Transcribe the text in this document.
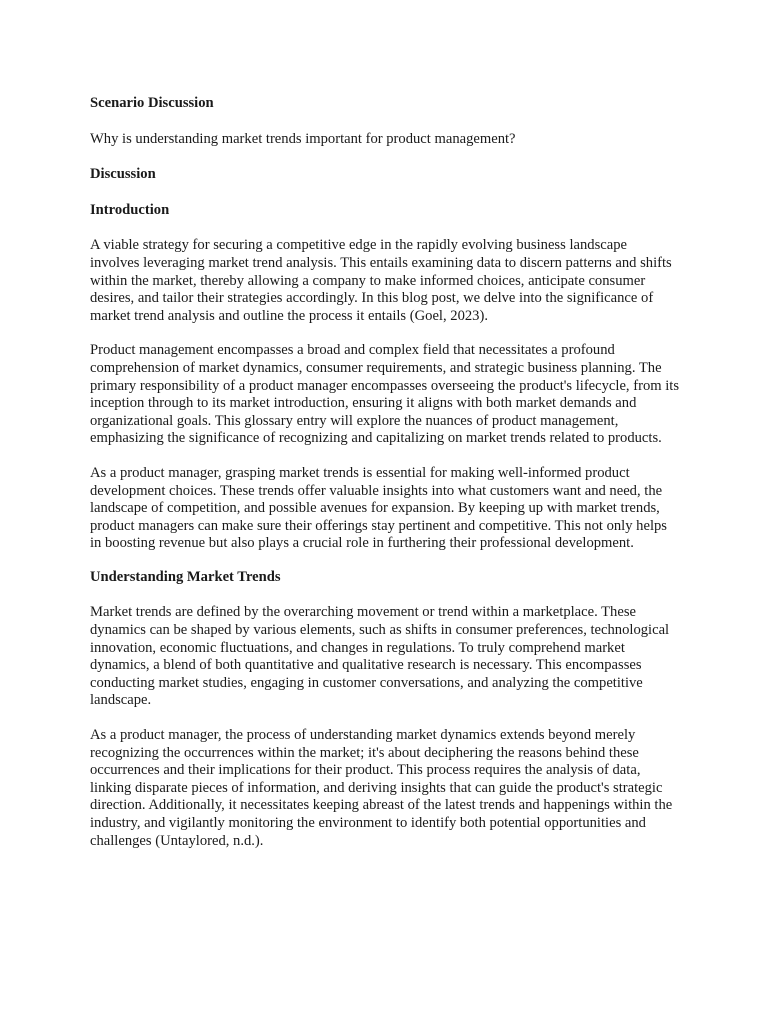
Scenario Discussion

Why is understanding market trends important for product management?

Discussion

Introduction

A viable strategy for securing a competitive edge in the rapidly evolving business landscape involves leveraging market trend analysis. This entails examining data to discern patterns and shifts within the market, thereby allowing a company to make informed choices, anticipate consumer desires, and tailor their strategies accordingly. In this blog post, we delve into the significance of market trend analysis and outline the process it entails (Goel, 2023).

Product management encompasses a broad and complex field that necessitates a profound comprehension of market dynamics, consumer requirements, and strategic business planning. The primary responsibility of a product manager encompasses overseeing the product's lifecycle, from its inception through to its market introduction, ensuring it aligns with both market demands and organizational goals. This glossary entry will explore the nuances of product management, emphasizing the significance of recognizing and capitalizing on market trends related to products.

As a product manager, grasping market trends is essential for making well-informed product development choices. These trends offer valuable insights into what customers want and need, the landscape of competition, and possible avenues for expansion. By keeping up with market trends, product managers can make sure their offerings stay pertinent and competitive. This not only helps in boosting revenue but also plays a crucial role in furthering their professional development.

Understanding Market Trends

Market trends are defined by the overarching movement or trend within a marketplace. These dynamics can be shaped by various elements, such as shifts in consumer preferences, technological innovation, economic fluctuations, and changes in regulations. To truly comprehend market dynamics, a blend of both quantitative and qualitative research is necessary. This encompasses conducting market studies, engaging in customer conversations, and analyzing the competitive landscape.

As a product manager, the process of understanding market dynamics extends beyond merely recognizing the occurrences within the market; it's about deciphering the reasons behind these occurrences and their implications for their product. This process requires the analysis of data, linking disparate pieces of information, and deriving insights that can guide the product's strategic direction. Additionally, it necessitates keeping abreast of the latest trends and happenings within the industry, and vigilantly monitoring the environment to identify both potential opportunities and challenges (Untaylored, n.d.).
